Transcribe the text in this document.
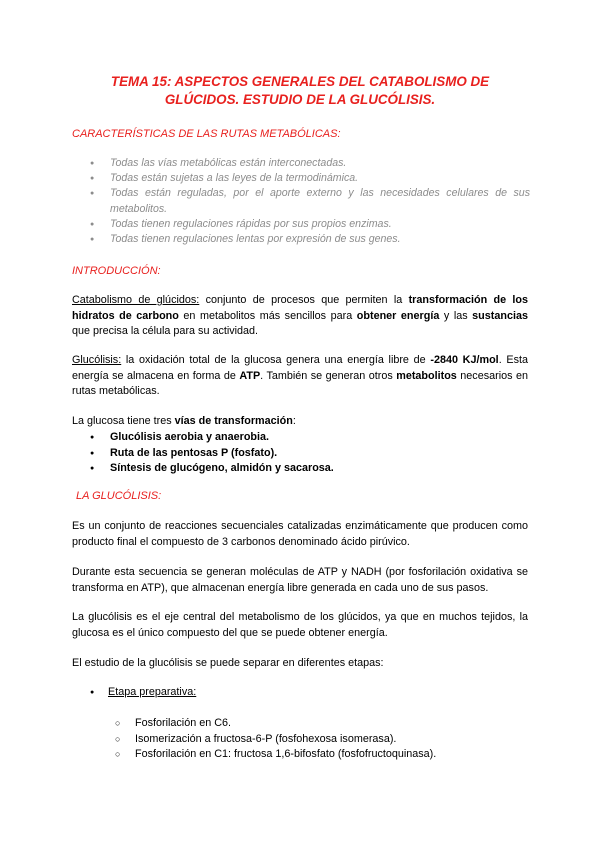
TEMA 15: ASPECTOS GENERALES DEL CATABOLISMO DE GLÚCIDOS. ESTUDIO DE LA GLUCÓLISIS.
CARACTERÍSTICAS DE LAS RUTAS METABÓLICAS:
● Todas las vías metabólicas están interconectadas.
● Todas están sujetas a las leyes de la termodinámica.
● Todas están reguladas, por el aporte externo y las necesidades celulares de sus metabolitos.
● Todas tienen regulaciones rápidas por sus propios enzimas.
● Todas tienen regulaciones lentas por expresión de sus genes.
INTRODUCCIÓN:
Catabolismo de glúcidos: conjunto de procesos que permiten la transformación de los hidratos de carbono en metabolitos más sencillos para obtener energía y las sustancias que precisa la célula para su actividad.
Glucólisis: la oxidación total de la glucosa genera una energía libre de -2840 KJ/mol. Esta energía se almacena en forma de ATP. También se generan otros metabolitos necesarios en rutas metabólicas.
La glucosa tiene tres vías de transformación:
● Glucólisis aerobia y anaerobia.
● Ruta de las pentosas P (fosfato).
● Síntesis de glucógeno, almidón y sacarosa.
LA GLUCÓLISIS:
Es un conjunto de reacciones secuenciales catalizadas enzimáticamente que producen como producto final el compuesto de 3 carbonos denominado ácido pirúvico.
Durante esta secuencia se generan moléculas de ATP y NADH (por fosforilación oxidativa se transforma en ATP), que almacenan energía libre generada en cada uno de sus pasos.
La glucólisis es el eje central del metabolismo de los glúcidos, ya que en muchos tejidos, la glucosa es el único compuesto del que se puede obtener energía.
El estudio de la glucólisis se puede separar en diferentes etapas:
● Etapa preparativa:
○ Fosforilación en C6.
○ Isomerización a fructosa-6-P (fosfohexosa isomerasa).
○ Fosforilación en C1: fructosa 1,6-bifosfato (fosfofructoquinasa).
